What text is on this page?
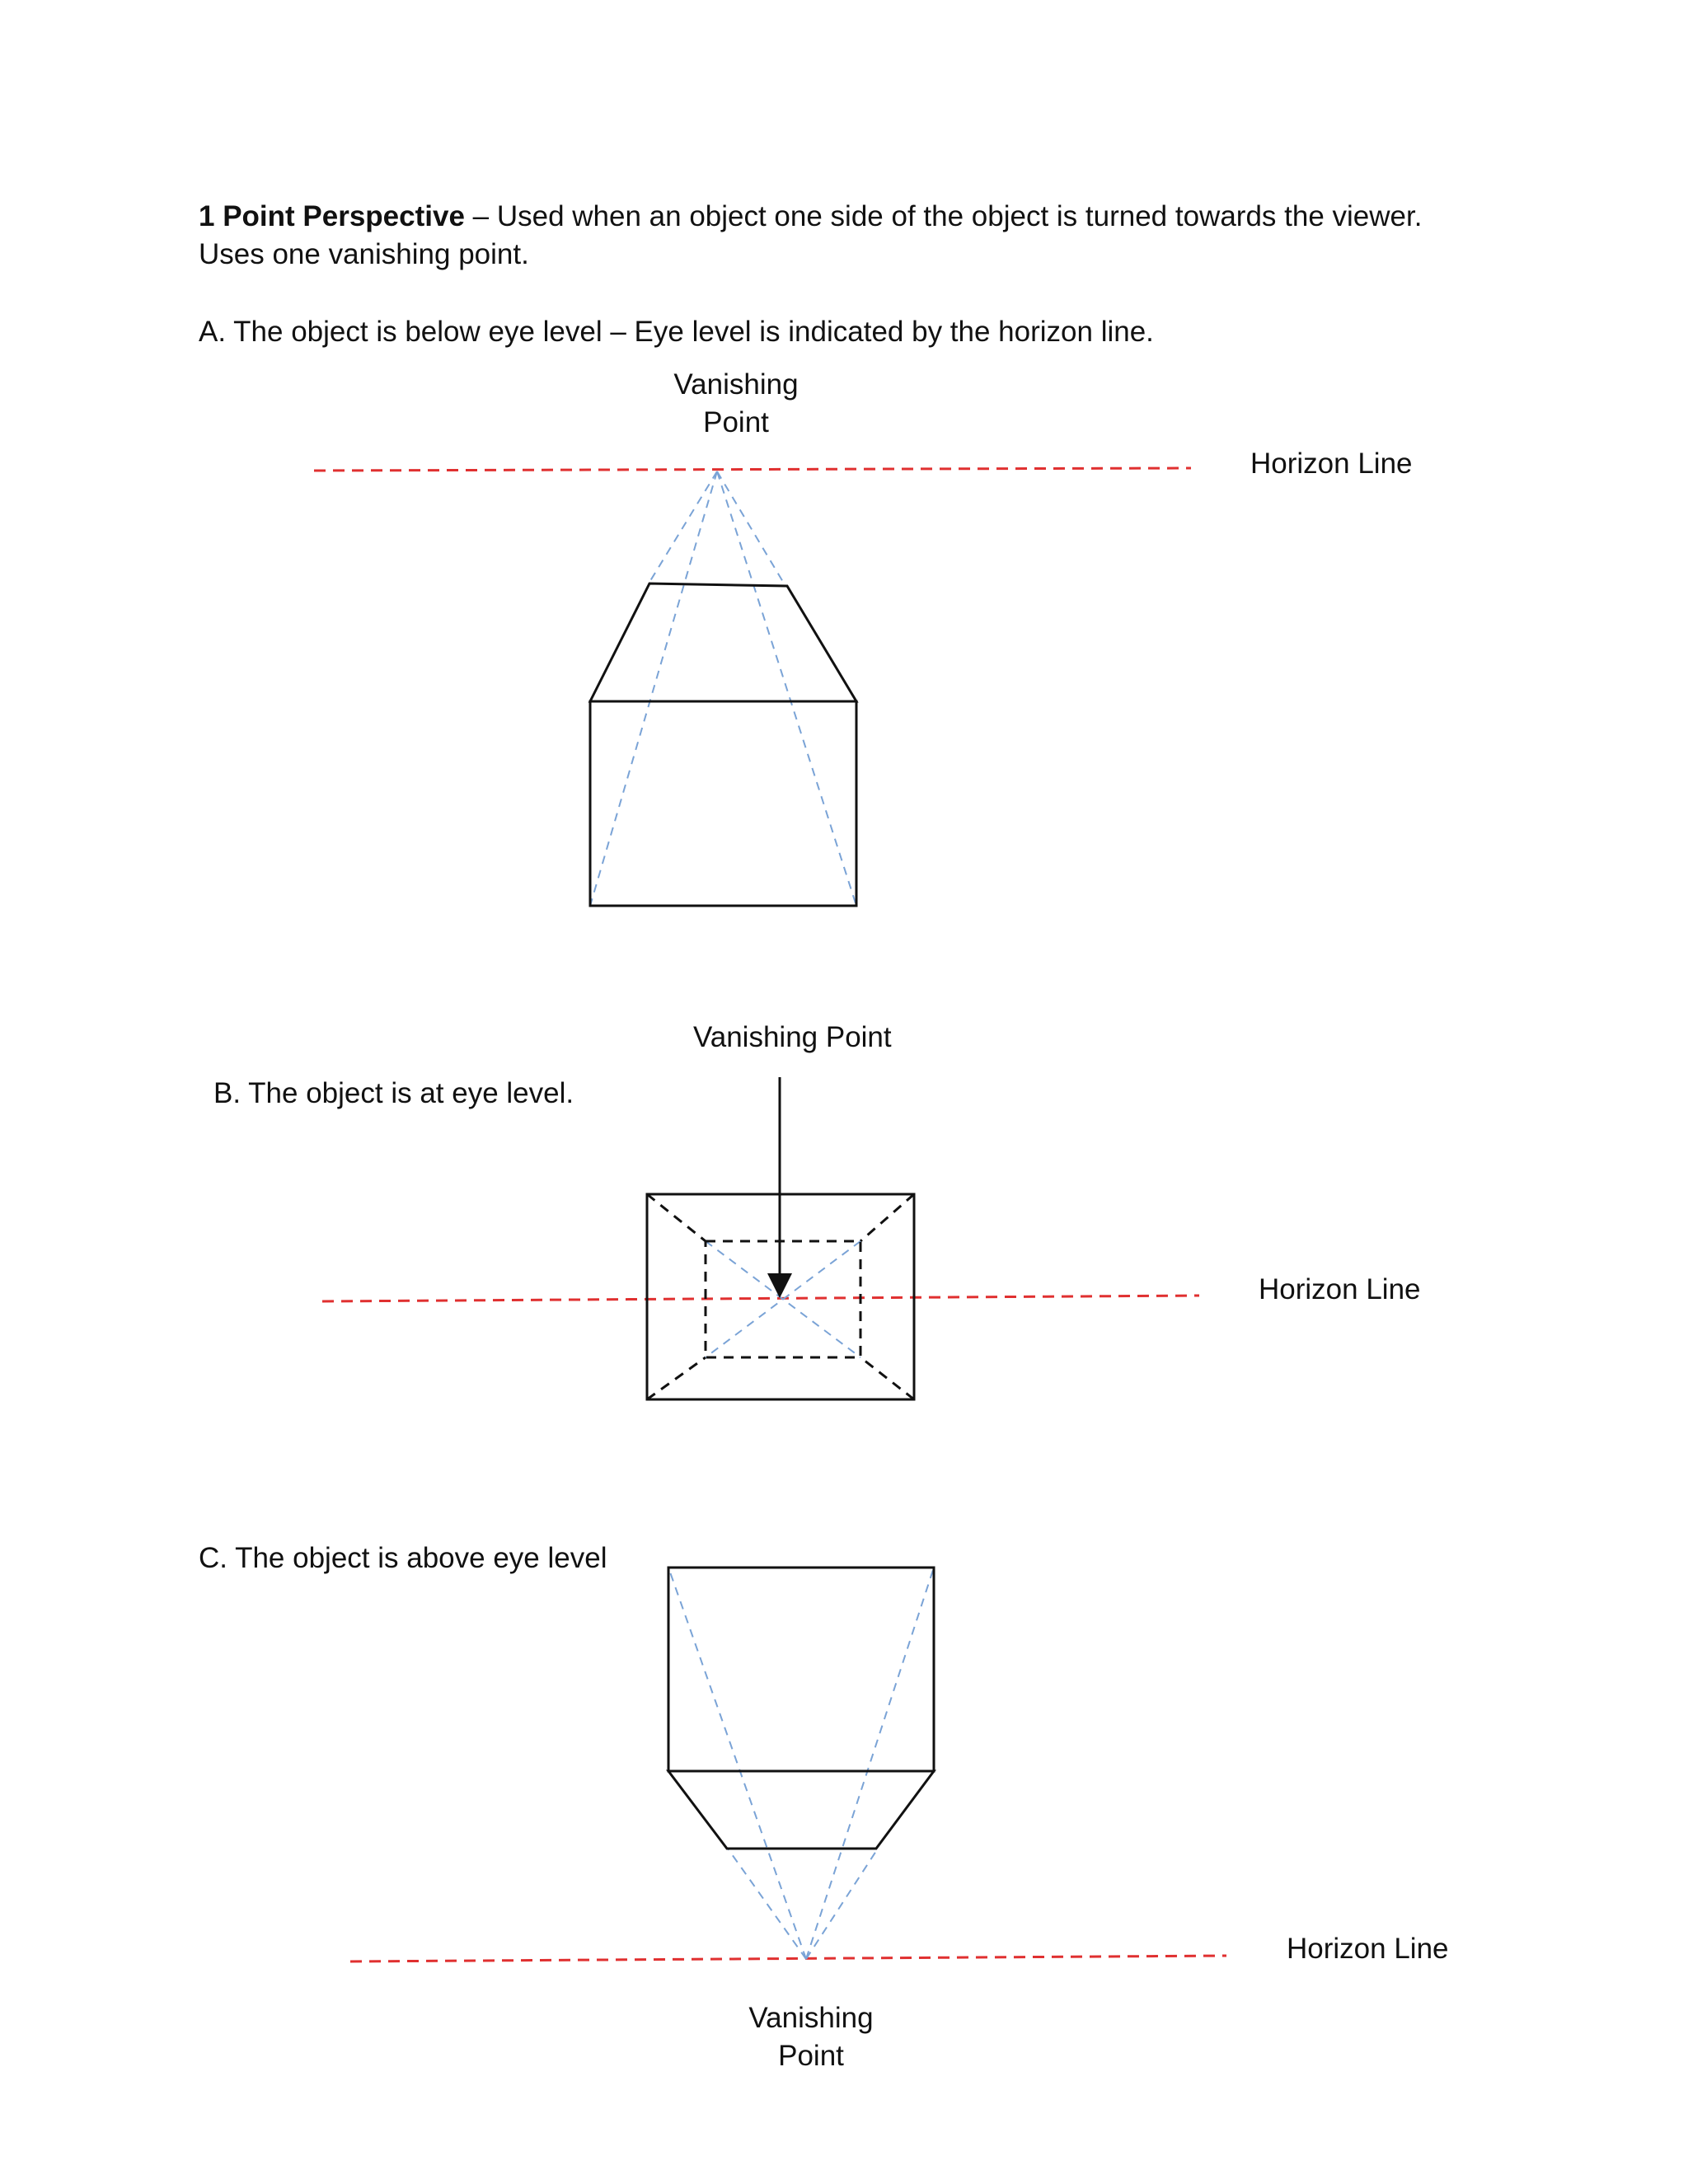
1 Point Perspective – Used when an object one side of the object is turned towards the viewer. Uses one vanishing point.
A. The object is below eye level – Eye level is indicated by the horizon line.
Vanishing
Point
Horizon Line
Vanishing Point
B. The object is at eye level.
Horizon Line
C. The object is above eye level
Horizon Line
Vanishing
Point
